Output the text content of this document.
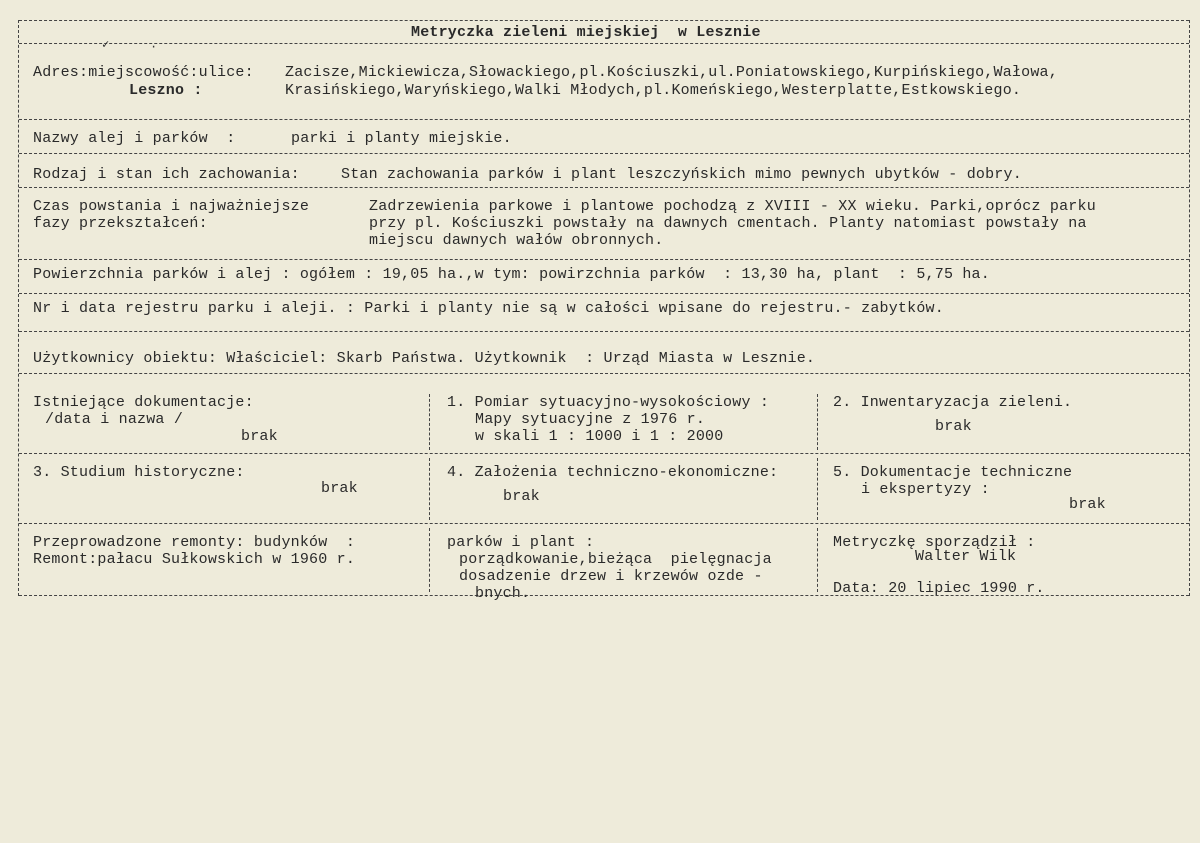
Metryczka zieleni miejskiej  w Lesznie
Adres:miejscowość:ulice:
Leszno :
Zacisze,Mickiewicza,Słowackiego,pl.Kościuszki,ul.Poniatowskiego,Kurpińskiego,Wałowa,
Krasińskiego,Waryńskiego,Walki Młodych,pl.Komeńskiego,Westerplatte,Estkowskiego.
Nazwy alej i parków  :	parki i planty miejskie.
Rodzaj i stan ich zachowania:	Stan zachowania parków i plant leszczyńskich mimo pewnych ubytków - dobry.
Czas powstania i najważniejsze
fazy przekształceń:
Zadrzewienia parkowe i plantowe pochodzą z XVIII - XX wieku. Parki,oprócz parku
przy pl. Kościuszki powstały na dawnych cmentach. Planty natomiast powstały na
miejscu dawnych wałów obronnych.
Powierzchnia parków i alej : ogółem : 19,05 ha.,w tym: powirzchnia parków  : 13,30 ha, plant  : 5,75 ha.
Nr i data rejestru parku i aleji. : Parki i planty nie są w całości wpisane do rejestru.- zabytków.
Użytkownicy obiektu: Właściciel: Skarb Państwa. Użytkownik  : Urząd Miasta w Lesznie.
Istniejące dokumentacje:
/data i nazwa /
brak
1. Pomiar sytuacyjno-wysokościowy :
Mapy sytuacyjne z 1976 r.
w skali 1 : 1000 i 1 : 2000
2. Inwentaryzacja zieleni.
brak
3. Studium historyczne:
brak
4. Założenia techniczno-ekonomiczne:
brak
5. Dokumentacje techniczne
i ekspertyzy :
brak
Przeprowadzone remonty: budynków  :
Remont:pałacu Sułkowskich w 1960 r.
parków i plant :
porządkowanie,bieżąca  pielęgnacja
dosadzenie drzew i krzewów ozde -
bnych.
Metryczkę sporządził :
Walter Wilk
Data: 20 lipiec 1990 r.
✓	·
